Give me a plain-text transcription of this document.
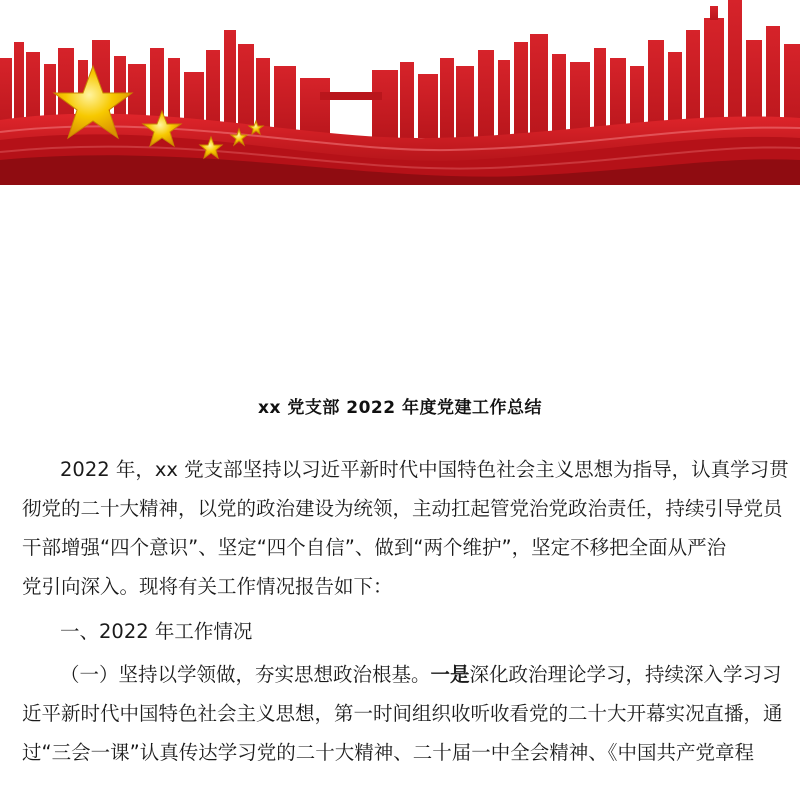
xx 党支部 2022 年度党建工作总结

2022 年，xx 党支部坚持以习近平新时代中国特色社会主义思想为指导，认真学习贯
彻党的二十大精神，以党的政治建设为统领，主动扛起管党治党政治责任，持续引导党员
干部增强“四个意识”、坚定“四个自信”、做到“两个维护”，坚定不移把全面从严治
党引向深入。现将有关工作情况报告如下：

一、2022 年工作情况

（一）坚持以学领做，夯实思想政治根基。一是深化政治理论学习，持续深入学习习
近平新时代中国特色社会主义思想，第一时间组织收听收看党的二十大开幕实况直播，通
过“三会一课”认真传达学习党的二十大精神、二十届一中全会精神、《中国共产党章程
